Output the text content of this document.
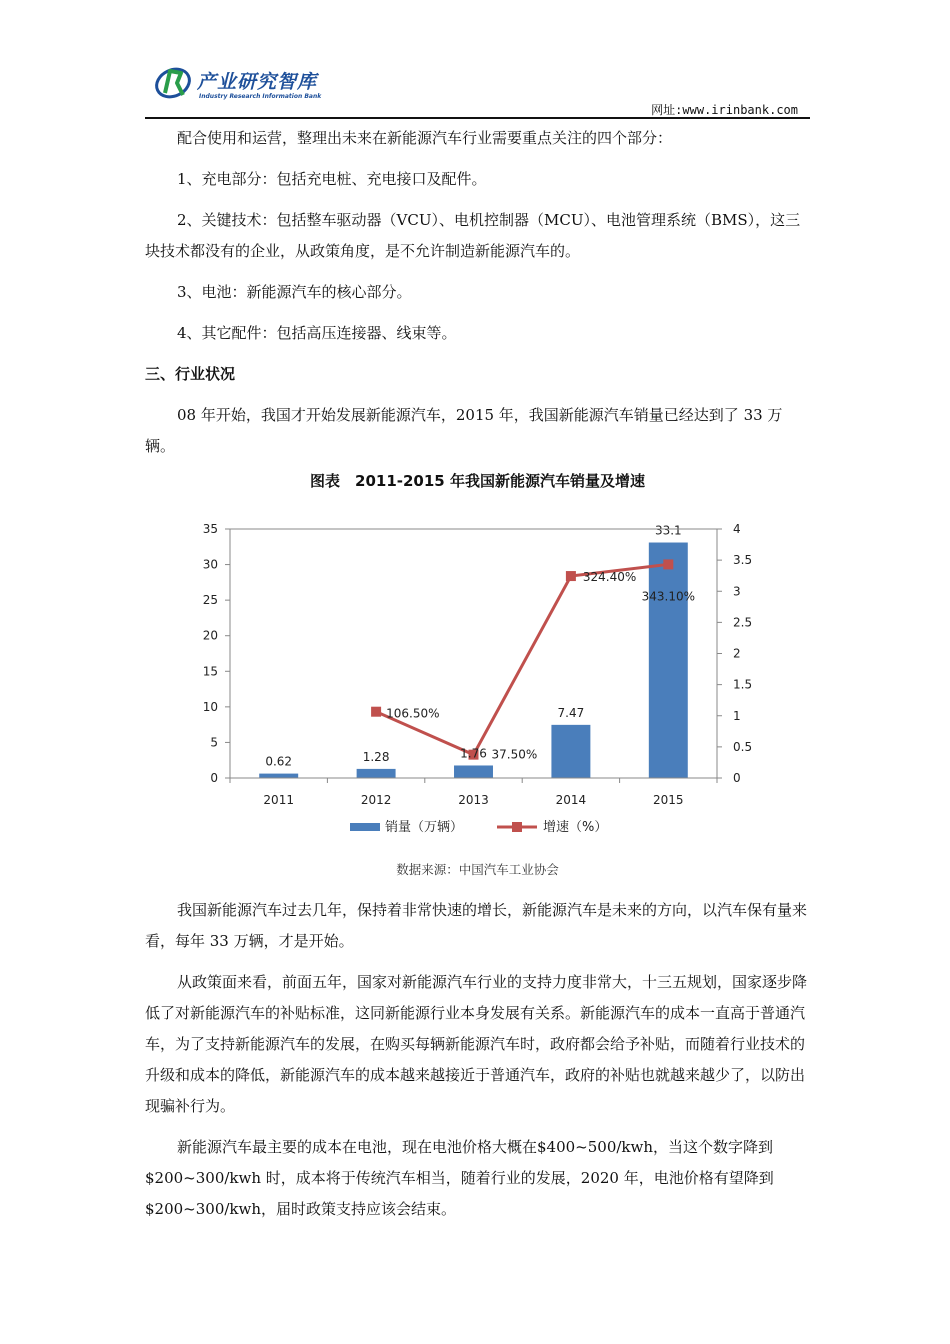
产业研究智库
Industry Research Information Bank
网址:www.irinbank.com

配合使用和运营，整理出未来在新能源汽车行业需要重点关注的四个部分：

1、充电部分：包括充电桩、充电接口及配件。

2、关键技术：包括整车驱动器（VCU）、电机控制器（MCU）、电池管理系统（BMS），这三块技术都没有的企业，从政策角度，是不允许制造新能源汽车的。

3、电池：新能源汽车的核心部分。

4、其它配件：包括高压连接器、线束等。

三、行业状况

08 年开始，我国才开始发展新能源汽车，2015 年，我国新能源汽车销量已经达到了 33 万辆。

图表　2011-2015 年我国新能源汽车销量及增速
0.62	1.28	1.76
7.47
33.1
106.50%
37.50%
324.40%
343.10%
0
5
10
15
20
25
30
35
0
0.5
1
1.5
2
2.5
3
3.5
4
2011	2012	2013	2014	2015
销量（万辆）	增速（%）
数据来源：中国汽车工业协会

我国新能源汽车过去几年，保持着非常快速的增长，新能源汽车是未来的方向，以汽车保有量来看，每年 33 万辆，才是开始。

从政策面来看，前面五年，国家对新能源汽车行业的支持力度非常大，十三五规划，国家逐步降低了对新能源汽车的补贴标准，这同新能源行业本身发展有关系。新能源汽车的成本一直高于普通汽车，为了支持新能源汽车的发展，在购买每辆新能源汽车时，政府都会给予补贴，而随着行业技术的升级和成本的降低，新能源汽车的成本越来越接近于普通汽车，政府的补贴也就越来越少了，以防出现骗补行为。

新能源汽车最主要的成本在电池，现在电池价格大概在$400~500/kwh，当这个数字降到$200~300/kwh 时，成本将于传统汽车相当，随着行业的发展，2020 年，电池价格有望降到$200~300/kwh，届时政策支持应该会结束。
